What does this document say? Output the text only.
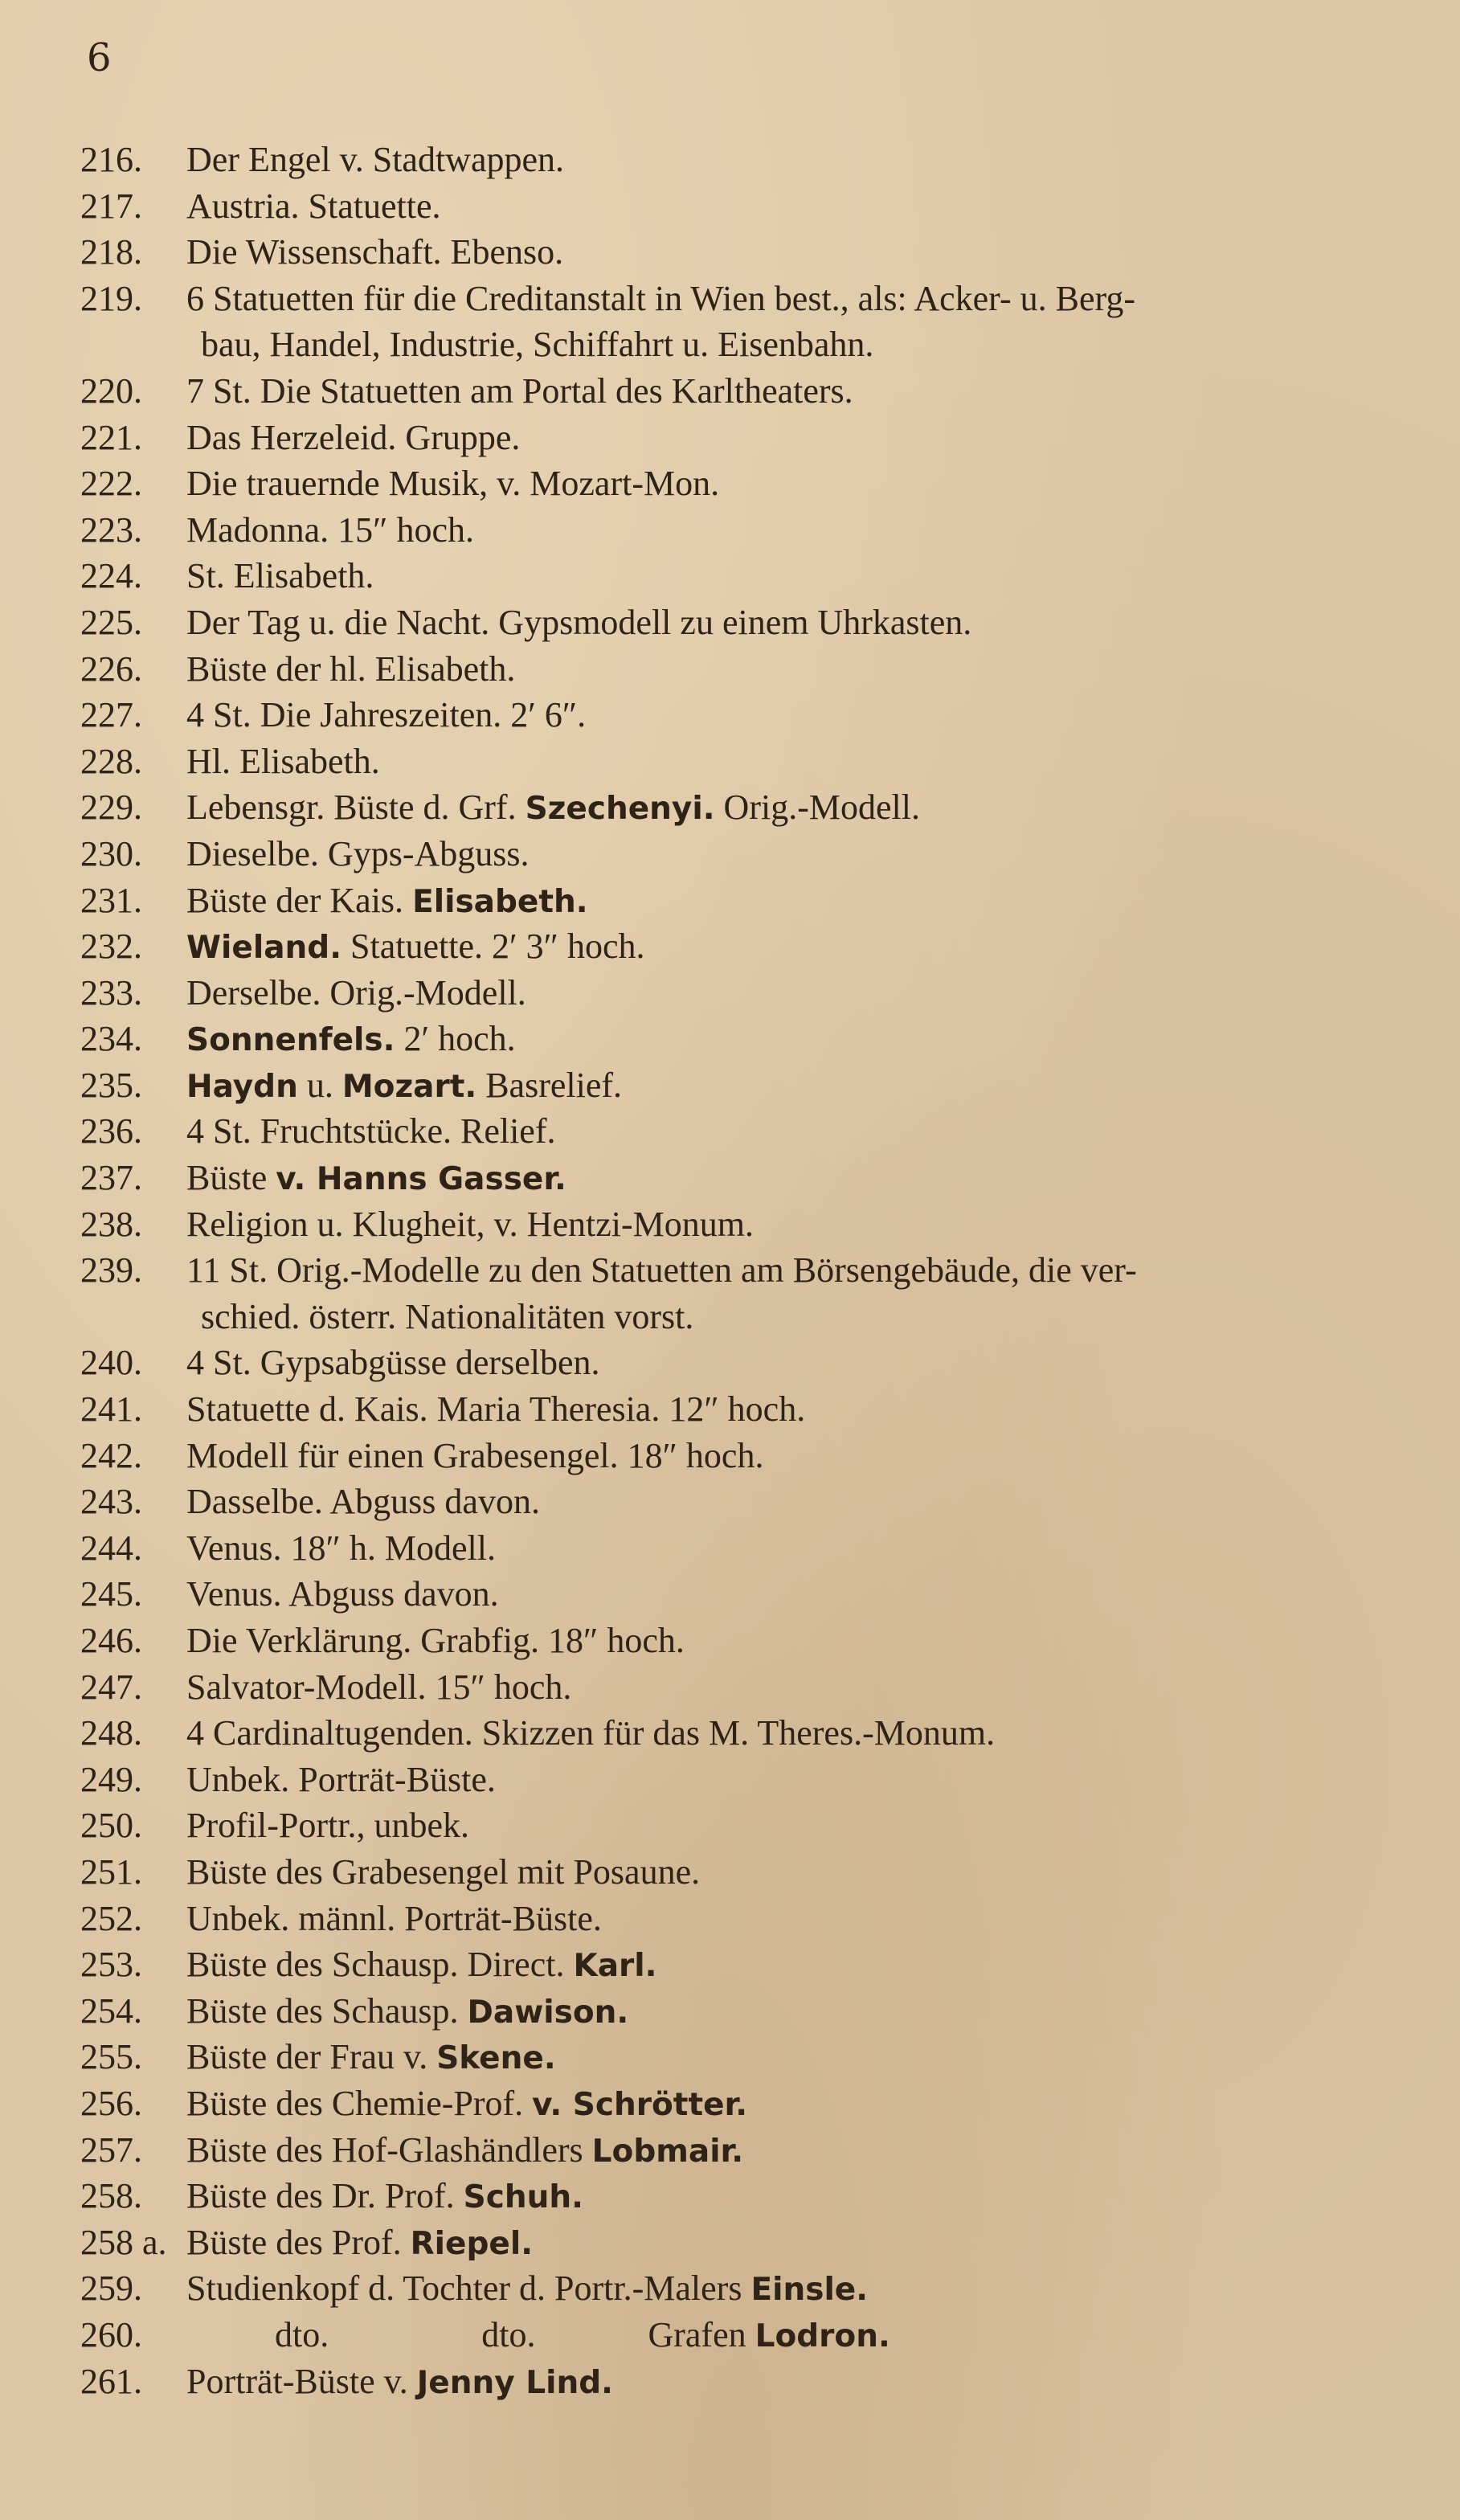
6
216.	Der Engel v. Stadtwappen.
217.	Austria. Statuette.
218.	Die Wissenschaft. Ebenso.
219.	6 Statuetten für die Creditanstalt in Wien best., als: Acker- u. Berg-
bau, Handel, Industrie, Schiffahrt u. Eisenbahn.
220.	7 St. Die Statuetten am Portal des Karltheaters.
221.	Das Herzeleid. Gruppe.
222.	Die trauernde Musik, v. Mozart-Mon.
223.	Madonna. 15″ hoch.
224.	St. Elisabeth.
225.	Der Tag u. die Nacht. Gypsmodell zu einem Uhrkasten.
226.	Büste der hl. Elisabeth.
227.	4 St. Die Jahreszeiten. 2′ 6″.
228.	Hl. Elisabeth.
229.	Lebensgr. Büste d. Grf. Szechenyi. Orig.-Modell.
230.	Dieselbe. Gyps-Abguss.
231.	Büste der Kais. Elisabeth.
232.	Wieland. Statuette. 2′ 3″ hoch.
233.	Derselbe. Orig.-Modell.
234.	Sonnenfels. 2′ hoch.
235.	Haydn u. Mozart. Basrelief.
236.	4 St. Fruchtstücke. Relief.
237.	Büste v. Hanns Gasser.
238.	Religion u. Klugheit, v. Hentzi-Monum.
239.	11 St. Orig.-Modelle zu den Statuetten am Börsengebäude, die ver-
schied. österr. Nationalitäten vorst.
240.	4 St. Gypsabgüsse derselben.
241.	Statuette d. Kais. Maria Theresia. 12″ hoch.
242.	Modell für einen Grabesengel. 18″ hoch.
243.	Dasselbe. Abguss davon.
244.	Venus. 18″ h. Modell.
245.	Venus. Abguss davon.
246.	Die Verklärung. Grabfig. 18″ hoch.
247.	Salvator-Modell. 15″ hoch.
248.	4 Cardinaltugenden. Skizzen für das M. Theres.-Monum.
249.	Unbek. Porträt-Büste.
250.	Profil-Portr., unbek.
251.	Büste des Grabesengel mit Posaune.
252.	Unbek. männl. Porträt-Büste.
253.	Büste des Schausp. Direct. Karl.
254.	Büste des Schausp. Dawison.
255.	Büste der Frau v. Skene.
256.	Büste des Chemie-Prof. v. Schrötter.
257.	Büste des Hof-Glashändlers Lobmair.
258.	Büste des Dr. Prof. Schuh.
258 a. Büste des Prof. Riepel.
259.	Studienkopf d. Tochter d. Portr.-Malers Einsle.
260.	dto.	dto.	Grafen Lodron.
261.	Porträt-Büste v. Jenny Lind.
